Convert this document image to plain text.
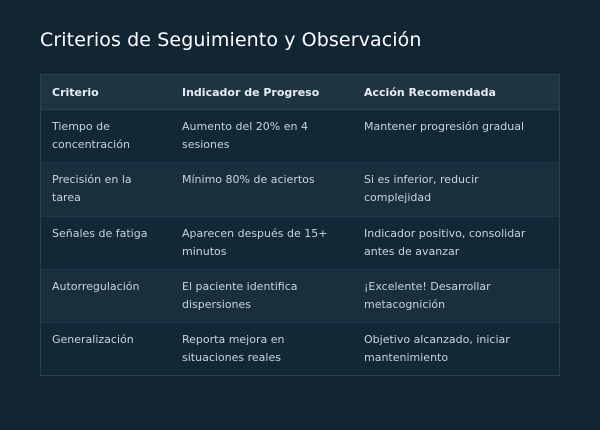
Criterios de Seguimiento y Observación
Criterio	Indicador de Progreso	Acción Recomendada
Tiempo de concentración	Aumento del 20% en 4 sesiones	Mantener progresión gradual
Precisión en la tarea	Mínimo 80% de aciertos	Si es inferior, reducir complejidad
Señales de fatiga	Aparecen después de 15+ minutos	Indicador positivo, consolidar antes de avanzar
Autorregulación	El paciente identifica dispersiones	¡Excelente! Desarrollar metacognición
Generalización	Reporta mejora en situaciones reales	Objetivo alcanzado, iniciar mantenimiento
